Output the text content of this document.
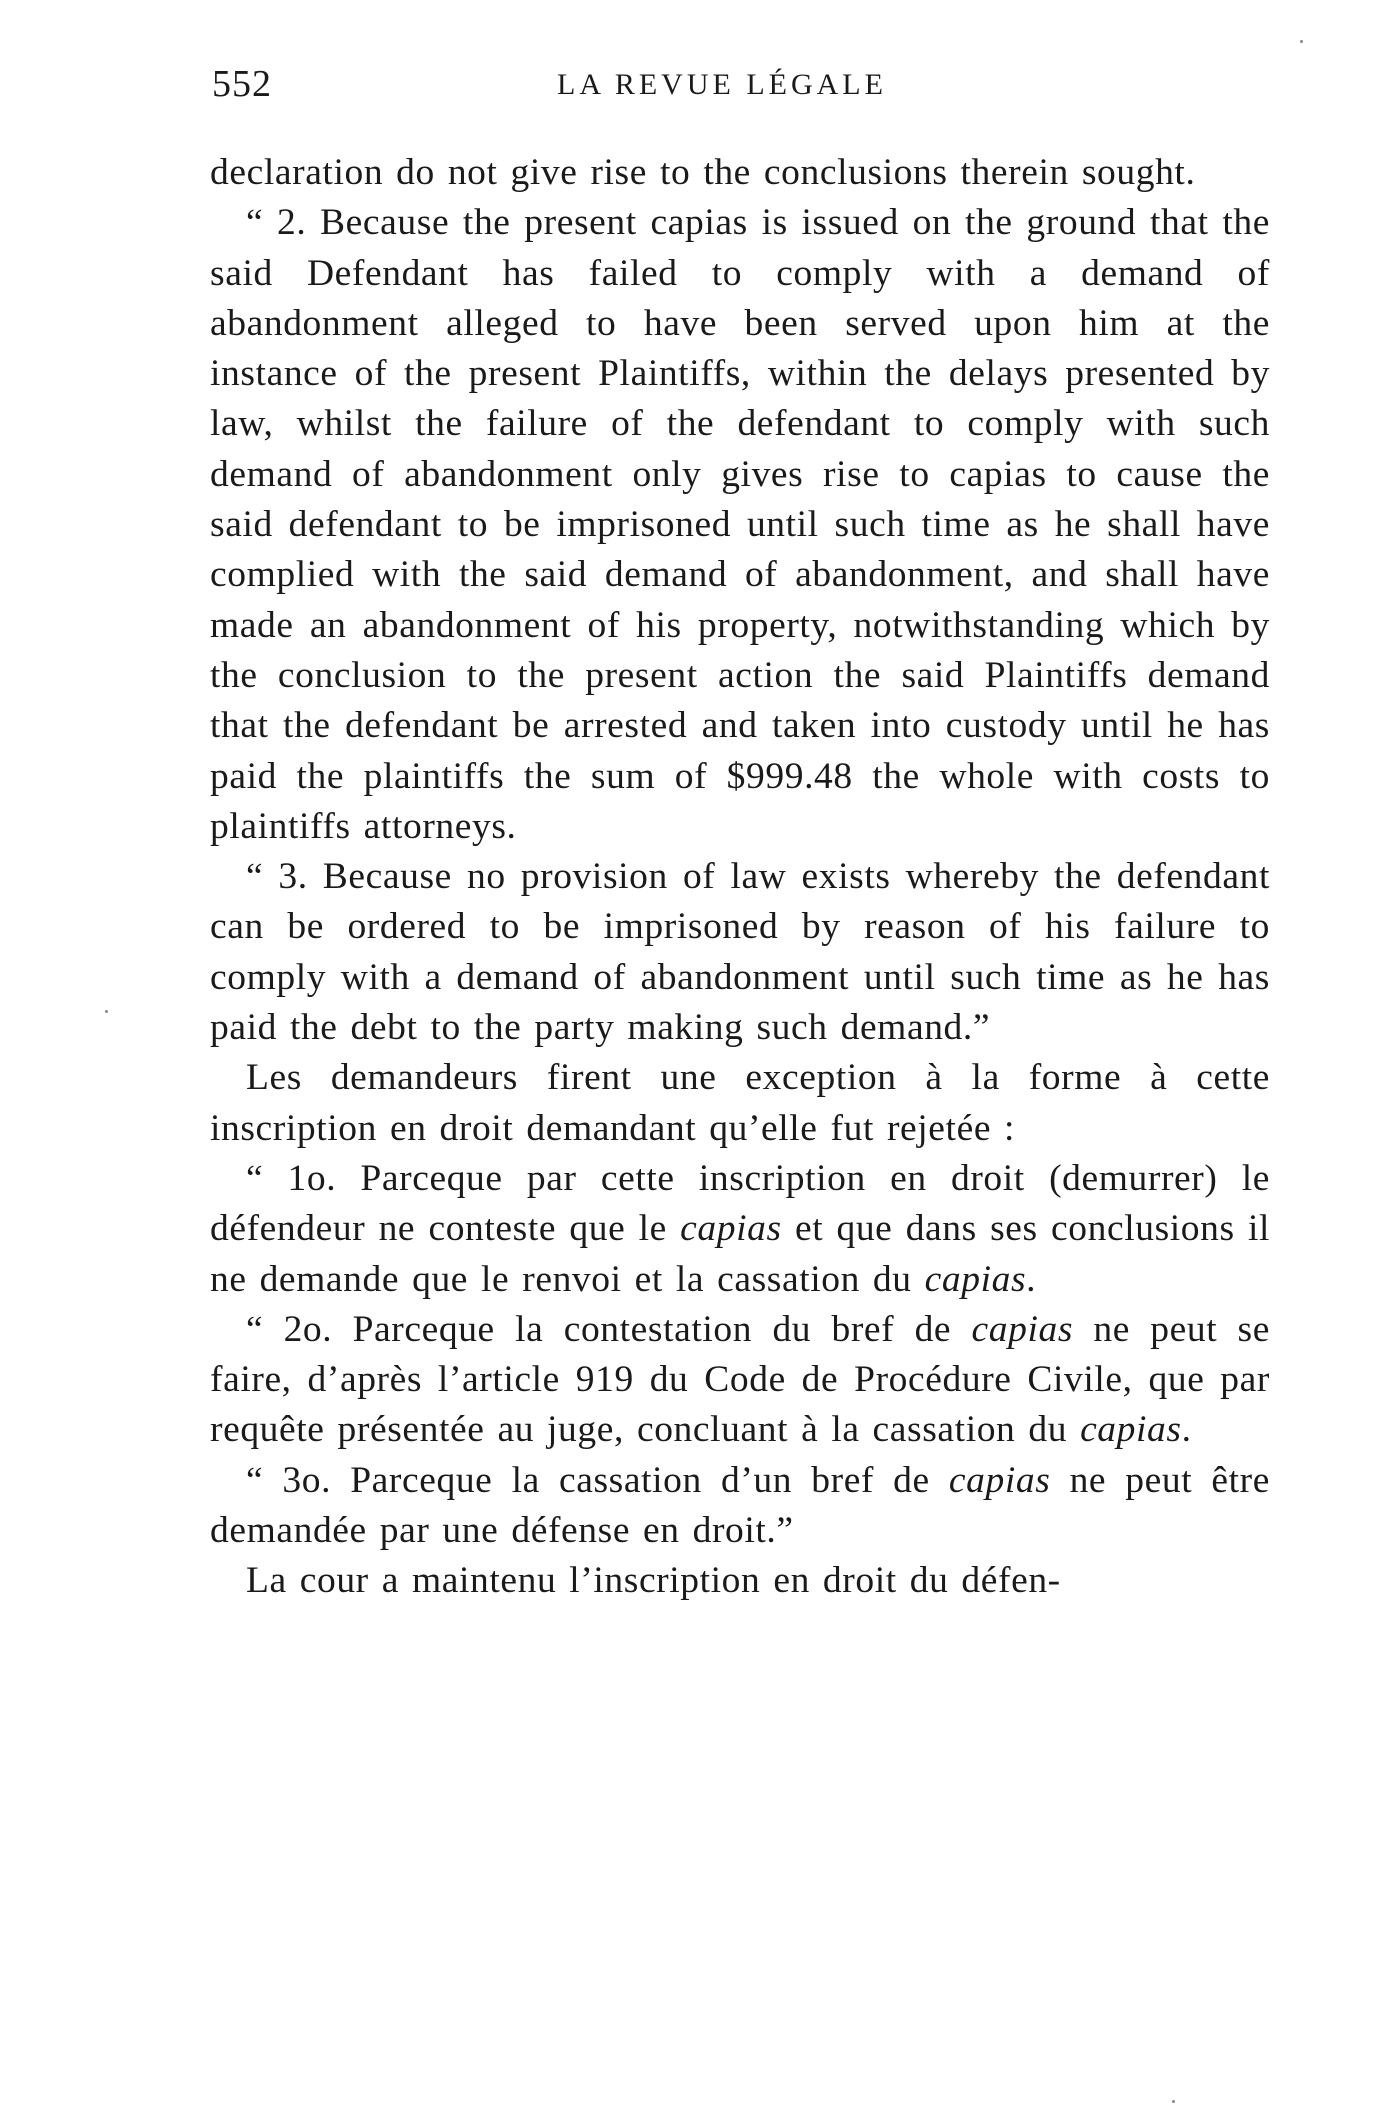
552	LA REVUE LÉGALE

declaration do not give rise to the conclusions therein sought.

“ 2. Because the present capias is issued on the ground that the said Defendant has failed to comply with a demand of abandonment alleged to have been served upon him at the instance of the present Plaintiffs, within the delays presented by law, whilst the failure of the defendant to comply with such demand of abandonment only gives rise to capias to cause the said defendant to be imprisoned until such time as he shall have complied with the said demand of abandonment, and shall have made an abandonment of his property, notwithstanding which by the conclusion to the present action the said Plaintiffs demand that the defendant be arrested and taken into custody until he has paid the plaintiffs the sum of $999.48 the whole with costs to plaintiffs attorneys.

“ 3. Because no provision of law exists whereby the defendant can be ordered to be imprisoned by reason of his failure to comply with a demand of abandonment until such time as he has paid the debt to the party making such demand.”

Les demandeurs firent une exception à la forme à cette inscription en droit demandant qu’elle fut rejetée :

“ 1o. Parceque par cette inscription en droit (demurrer) le défendeur ne conteste que le capias et que dans ses conclusions il ne demande que le renvoi et la cassation du capias.

“ 2o. Parceque la contestation du bref de capias ne peut se faire, d’après l’article 919 du Code de Procédure Civile, que par requête présentée au juge, concluant à la cassation du capias.

“ 3o. Parceque la cassation d’un bref de capias ne peut être demandée par une défense en droit.”

La cour a maintenu l’inscription en droit du défen-
